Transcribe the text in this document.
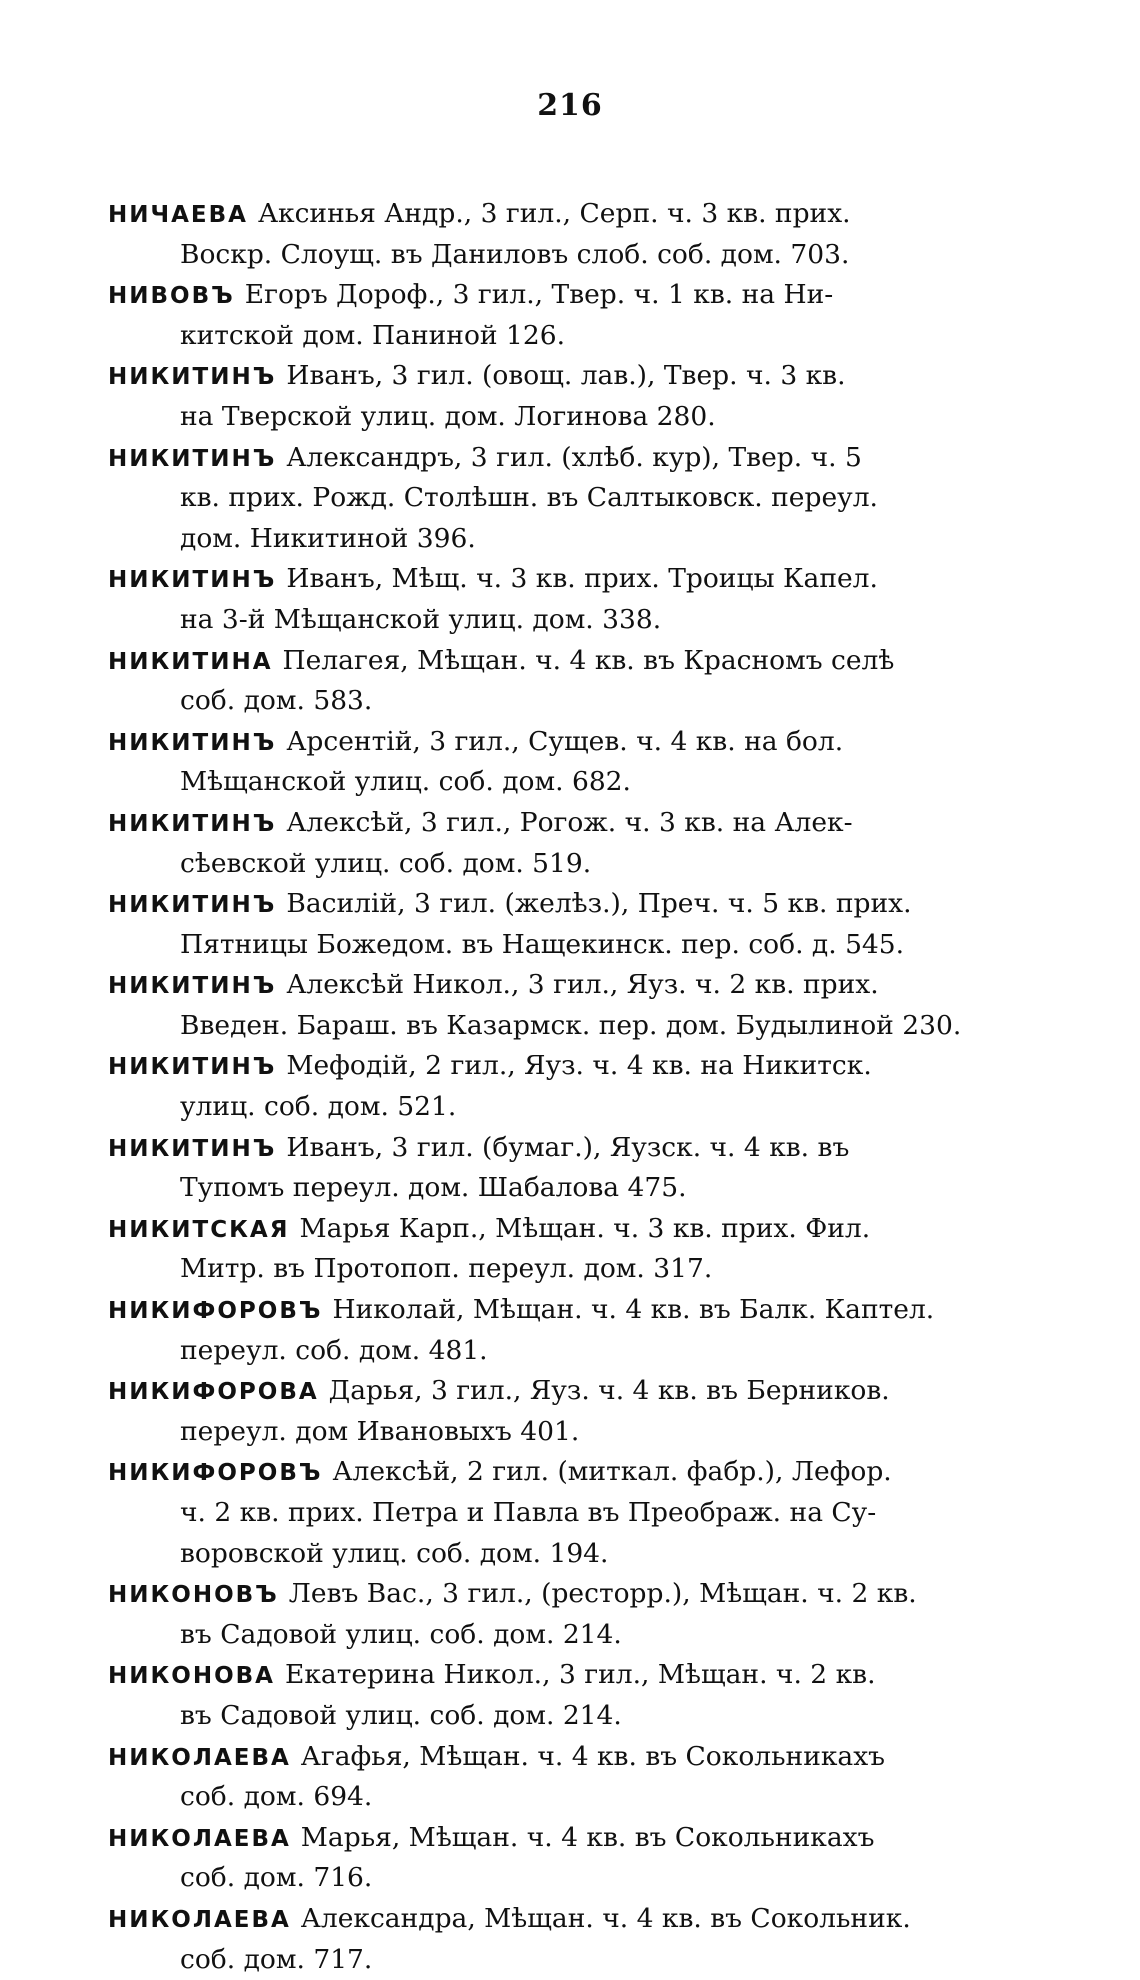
216
НИЧАЕВА Аксинья Андр., 3 гил., Серп. ч. 3 кв. прих.
Воскр. Слоущ. въ Даниловъ слоб. соб. дом. 703.
НИВОВЪ Егоръ Дороф., 3 гил., Твер. ч. 1 кв. на Ни-
китской дом. Паниной 126.
НИКИТИНЪ Иванъ, 3 гил. (овощ. лав.), Твер. ч. 3 кв.
на Тверской улиц. дом. Логинова 280.
НИКИТИНЪ Александръ, 3 гил. (хлѣб. кур), Твер. ч. 5
кв. прих. Рожд. Столѣшн. въ Салтыковск. переул.
дом. Никитиной 396.
НИКИТИНЪ Иванъ, Мѣщ. ч. 3 кв. прих. Троицы Капел.
на 3-й Мѣщанской улиц. дом. 338.
НИКИТИНА Пелагея, Мѣщан. ч. 4 кв. въ Красномъ селѣ
соб. дом. 583.
НИКИТИНЪ Арсентій, 3 гил., Сущев. ч. 4 кв. на бол.
Мѣщанской улиц. соб. дом. 682.
НИКИТИНЪ Алексѣй, 3 гил., Рогож. ч. 3 кв. на Алек-
сѣевской улиц. соб. дом. 519.
НИКИТИНЪ Василій, 3 гил. (желѣз.), Преч. ч. 5 кв. прих.
Пятницы Божедом. въ Нащекинск. пер. соб. д. 545.
НИКИТИНЪ Алексѣй Никол., 3 гил., Яуз. ч. 2 кв. прих.
Введен. Бараш. въ Казармск. пер. дом. Будылиной 230.
НИКИТИНЪ Мефодій, 2 гил., Яуз. ч. 4 кв. на Никитск.
улиц. соб. дом. 521.
НИКИТИНЪ Иванъ, 3 гил. (бумаг.), Яузск. ч. 4 кв. въ
Тупомъ переул. дом. Шабалова 475.
НИКИТСКАЯ Марья Карп., Мѣщан. ч. 3 кв. прих. Фил.
Митр. въ Протопоп. переул. дом. 317.
НИКИФОРОВЪ Николай, Мѣщан. ч. 4 кв. въ Балк. Каптел.
переул. соб. дом. 481.
НИКИФОРОВА Дарья, 3 гил., Яуз. ч. 4 кв. въ Берников.
переул. дом Ивановыхъ 401.
НИКИФОРОВЪ Алексѣй, 2 гил. (миткал. фабр.), Лефор.
ч. 2 кв. прих. Петра и Павла въ Преображ. на Су-
воровской улиц. соб. дом. 194.
НИКОНОВЪ Левъ Вас., 3 гил., (ресторр.), Мѣщан. ч. 2 кв.
въ Садовой улиц. соб. дом. 214.
НИКОНОВА Екатерина Никол., 3 гил., Мѣщан. ч. 2 кв.
въ Садовой улиц. соб. дом. 214.
НИКОЛАЕВА Агафья, Мѣщан. ч. 4 кв. въ Сокольникахъ
соб. дом. 694.
НИКОЛАЕВА Марья, Мѣщан. ч. 4 кв. въ Сокольникахъ
соб. дом. 716.
НИКОЛАЕВА Александра, Мѣщан. ч. 4 кв. въ Сокольник.
соб. дом. 717.
